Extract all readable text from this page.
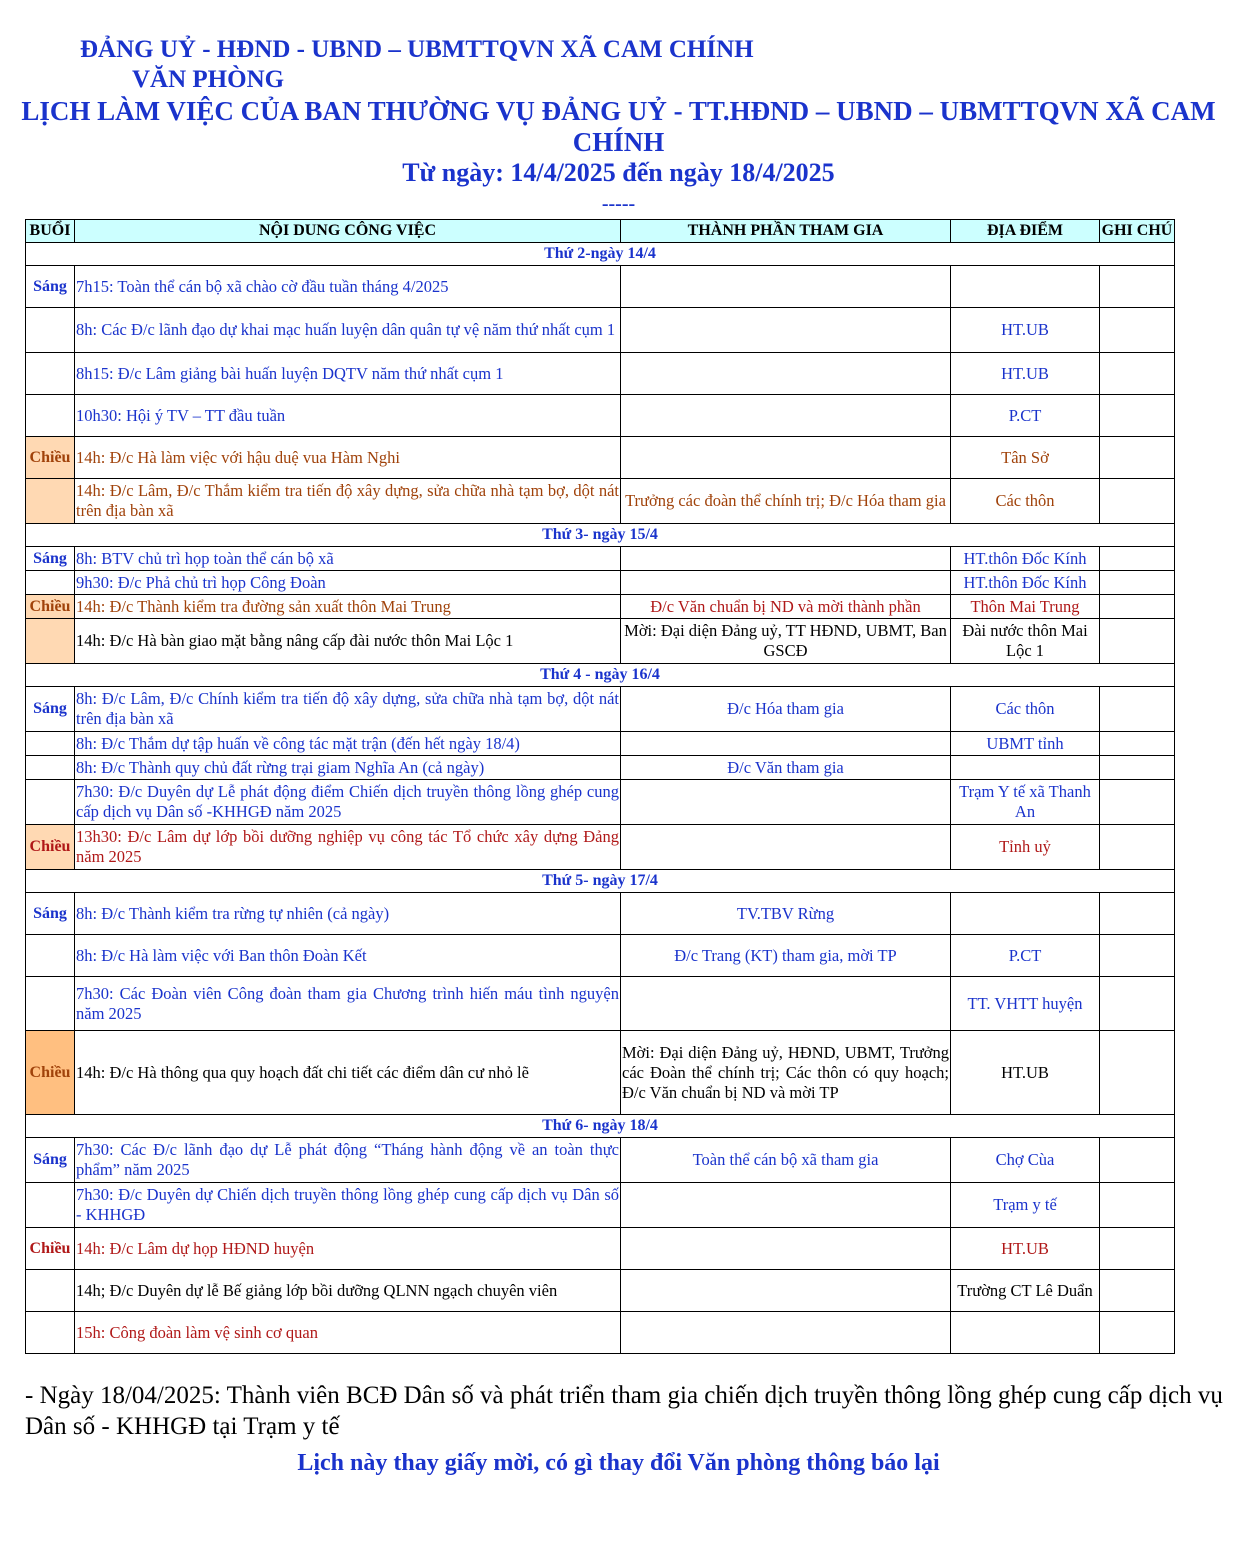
ĐẢNG UỶ - HĐND - UBND – UBMTTQVN XÃ CAM CHÍNH
VĂN PHÒNG
LỊCH LÀM VIỆC CỦA BAN THƯỜNG VỤ ĐẢNG UỶ - TT.HĐND – UBND – UBMTTQVN XÃ CAM CHÍNH
Từ ngày: 14/4/2025 đến ngày 18/4/2025
-----
BUỔI	NỘI DUNG CÔNG VIỆC	THÀNH PHẦN THAM GIA	ĐỊA ĐIỂM	GHI CHÚ
Thứ 2-ngày 14/4				
Sáng	7h15: Toàn thể cán bộ xã chào cờ đầu tuần tháng 4/2025			
	8h: Các Đ/c lãnh đạo dự khai mạc huấn luyện dân quân tự vệ năm thứ nhất cụm 1		HT.UB	
	8h15: Đ/c Lâm giảng bài huấn luyện DQTV năm thứ nhất cụm 1		HT.UB	
	10h30: Hội ý TV – TT đầu tuần		P.CT	
Chiều	14h: Đ/c Hà làm việc với hậu duệ vua Hàm Nghi		Tân Sở	
	14h: Đ/c Lâm, Đ/c Thắm kiểm tra tiến độ xây dựng, sửa chữa nhà tạm bợ, dột nát trên địa bàn xã	Trưởng các đoàn thể chính trị; Đ/c Hóa tham gia	Các thôn	
Thứ 3- ngày 15/4				
Sáng	8h: BTV chủ trì họp toàn thể cán bộ xã		HT.thôn Đốc Kính	
	9h30: Đ/c Phả chủ trì họp Công Đoàn		HT.thôn Đốc Kính	
Chiều	14h: Đ/c Thành kiểm tra đường sản xuất thôn Mai Trung	Đ/c Văn chuẩn bị ND và mời thành phần	Thôn Mai Trung	
	14h: Đ/c Hà bàn giao mặt bằng nâng cấp đài nước thôn Mai Lộc 1	Mời: Đại diện Đảng uỷ, TT HĐND, UBMT, Ban GSCĐ	Đài nước thôn Mai Lộc 1	
Thứ 4 - ngày 16/4				
Sáng	8h: Đ/c Lâm, Đ/c Chính kiểm tra tiến độ xây dựng, sửa chữa nhà tạm bợ, dột nát trên địa bàn xã	Đ/c Hóa tham gia	Các thôn	
	8h: Đ/c Thắm dự tập huấn về công tác mặt trận (đến hết ngày 18/4)		UBMT tỉnh	
	8h: Đ/c Thành quy chủ đất rừng trại giam Nghĩa An (cả ngày)	Đ/c Văn tham gia		
	7h30: Đ/c Duyên dự Lễ phát động điểm Chiến dịch truyền thông lồng ghép cung cấp dịch vụ Dân số -KHHGĐ năm 2025		Trạm Y tế xã Thanh An	
Chiều	13h30: Đ/c Lâm dự lớp bồi dưỡng nghiệp vụ công tác Tổ chức xây dựng Đảng năm 2025		Tỉnh uỷ	
Thứ 5- ngày 17/4				
Sáng	8h: Đ/c Thành kiểm tra rừng tự nhiên (cả ngày)	TV.TBV Rừng		
	8h: Đ/c Hà làm việc với Ban thôn Đoàn Kết	Đ/c Trang (KT) tham gia, mời TP	P.CT	
	7h30: Các Đoàn viên Công đoàn tham gia Chương trình hiến máu tình nguyện năm 2025		TT. VHTT huyện	
Chiều	14h: Đ/c Hà thông qua quy hoạch đất chi tiết các điểm dân cư nhỏ lẽ	Mời: Đại diện Đảng uỷ, HĐND, UBMT, Trưởng các Đoàn thể chính trị; Các thôn có quy hoạch; Đ/c Văn chuẩn bị ND và mời TP	HT.UB	
Thứ 6- ngày 18/4				
Sáng	7h30: Các Đ/c lãnh đạo dự Lễ phát động “Tháng hành động về an toàn thực phẩm” năm 2025	Toàn thể cán bộ xã tham gia	Chợ Cùa	
	7h30: Đ/c Duyên dự Chiến dịch truyền thông lồng ghép cung cấp dịch vụ Dân số - KHHGĐ		Trạm y tế	
Chiều	14h: Đ/c Lâm dự họp HĐND huyện		HT.UB	
	14h; Đ/c Duyên dự lễ Bế giảng lớp bồi dưỡng QLNN ngạch chuyên viên		Trường CT Lê Duẩn	
	15h: Công đoàn làm vệ sinh cơ quan			
- Ngày 18/04/2025: Thành viên BCĐ Dân số và phát triển tham gia chiến dịch truyền thông lồng ghép cung cấp dịch vụ Dân số - KHHGĐ tại Trạm y tế
Lịch này thay giấy mời, có gì thay đổi Văn phòng thông báo lại
